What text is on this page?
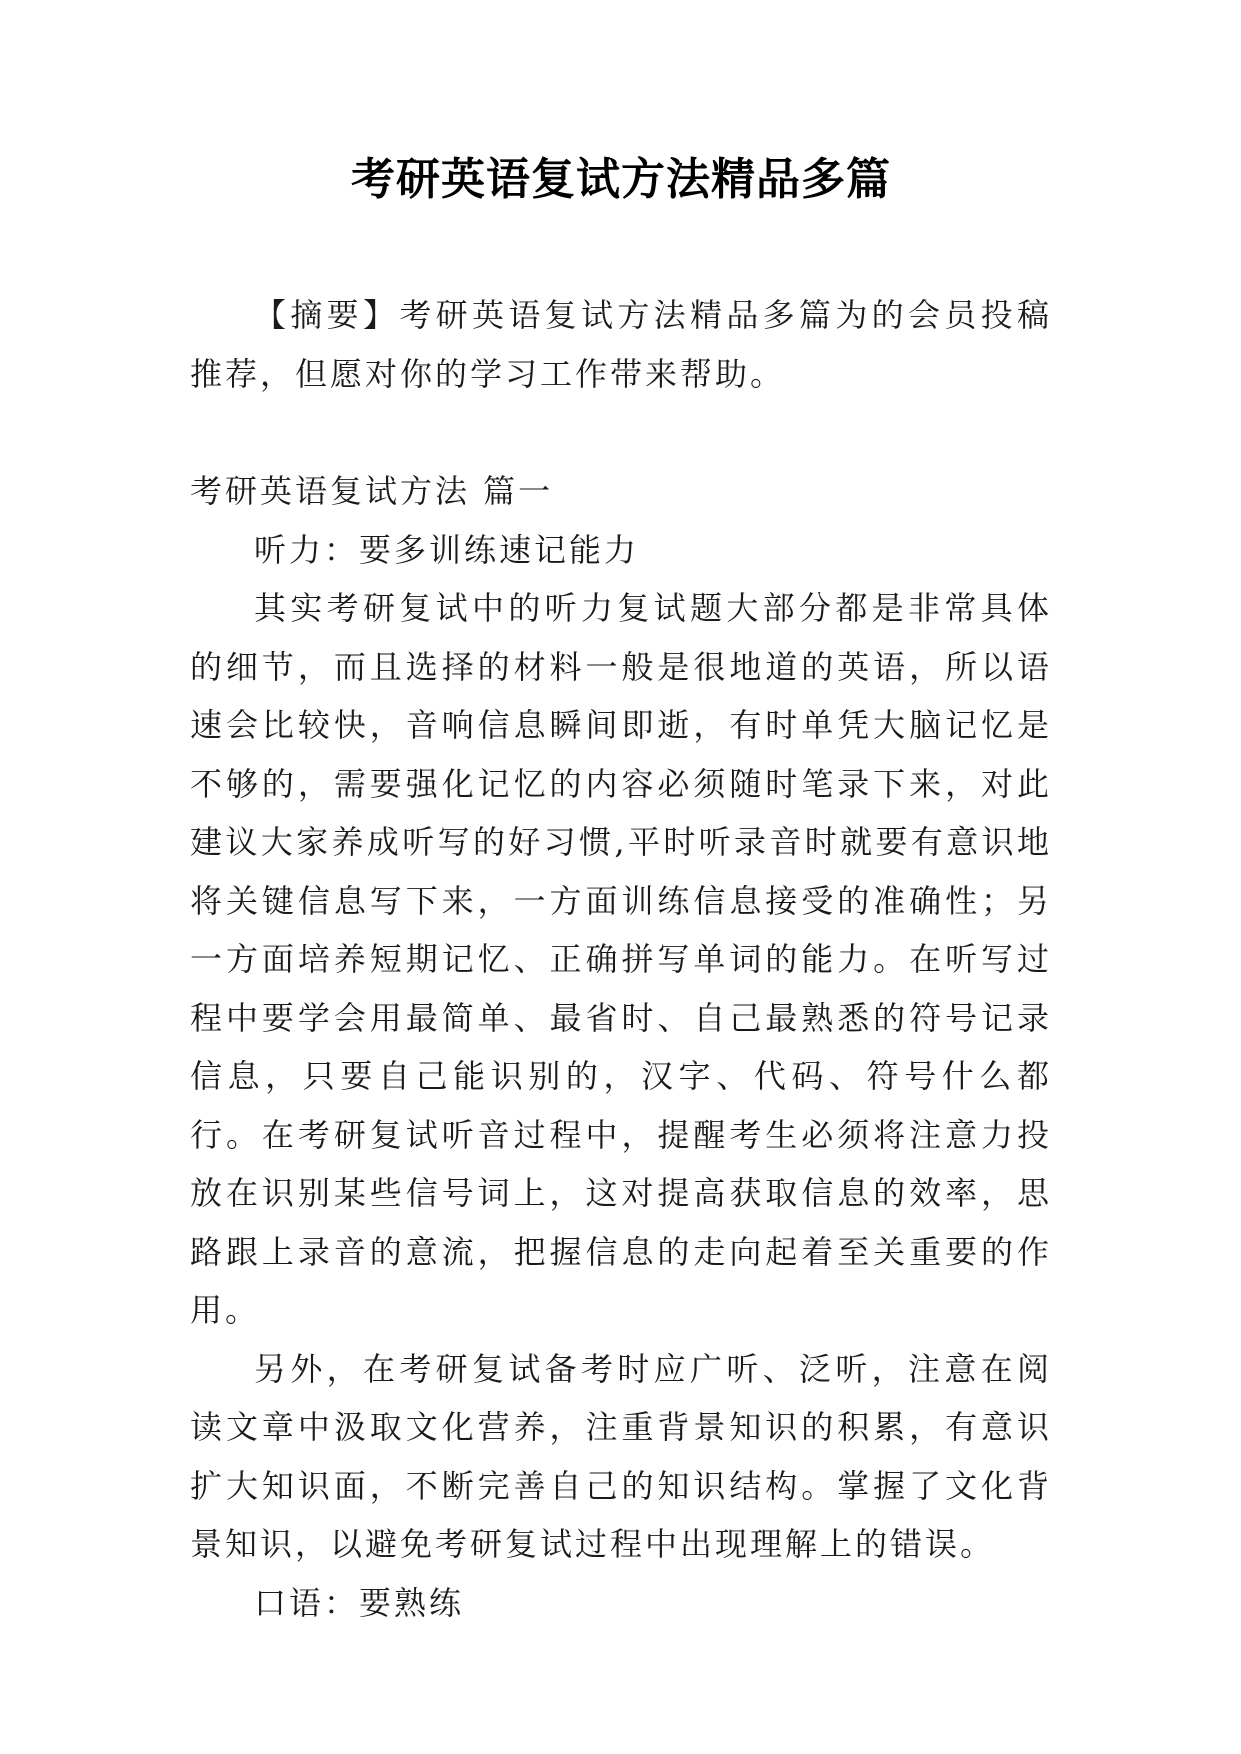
考研英语复试方法精品多篇

【摘要】考研英语复试方法精品多篇为的会员投稿推荐，但愿对你的学习工作带来帮助。

考研英语复试方法 篇一

听力：要多训练速记能力

其实考研复试中的听力复试题大部分都是非常具体的细节，而且选择的材料一般是很地道的英语，所以语速会比较快，音响信息瞬间即逝，有时单凭大脑记忆是不够的，需要强化记忆的内容必须随时笔录下来，对此建议大家养成听写的好习惯,平时听录音时就要有意识地将关键信息写下来，一方面训练信息接受的准确性；另一方面培养短期记忆、正确拼写单词的能力。在听写过程中要学会用最简单、最省时、自己最熟悉的符号记录信息，只要自己能识别的，汉字、代码、符号什么都行。在考研复试听音过程中，提醒考生必须将注意力投放在识别某些信号词上，这对提高获取信息的效率，思路跟上录音的意流，把握信息的走向起着至关重要的作用。

另外，在考研复试备考时应广听、泛听，注意在阅读文章中汲取文化营养，注重背景知识的积累，有意识扩大知识面，不断完善自己的知识结构。掌握了文化背景知识，以避免考研复试过程中出现理解上的错误。

口语：要熟练
